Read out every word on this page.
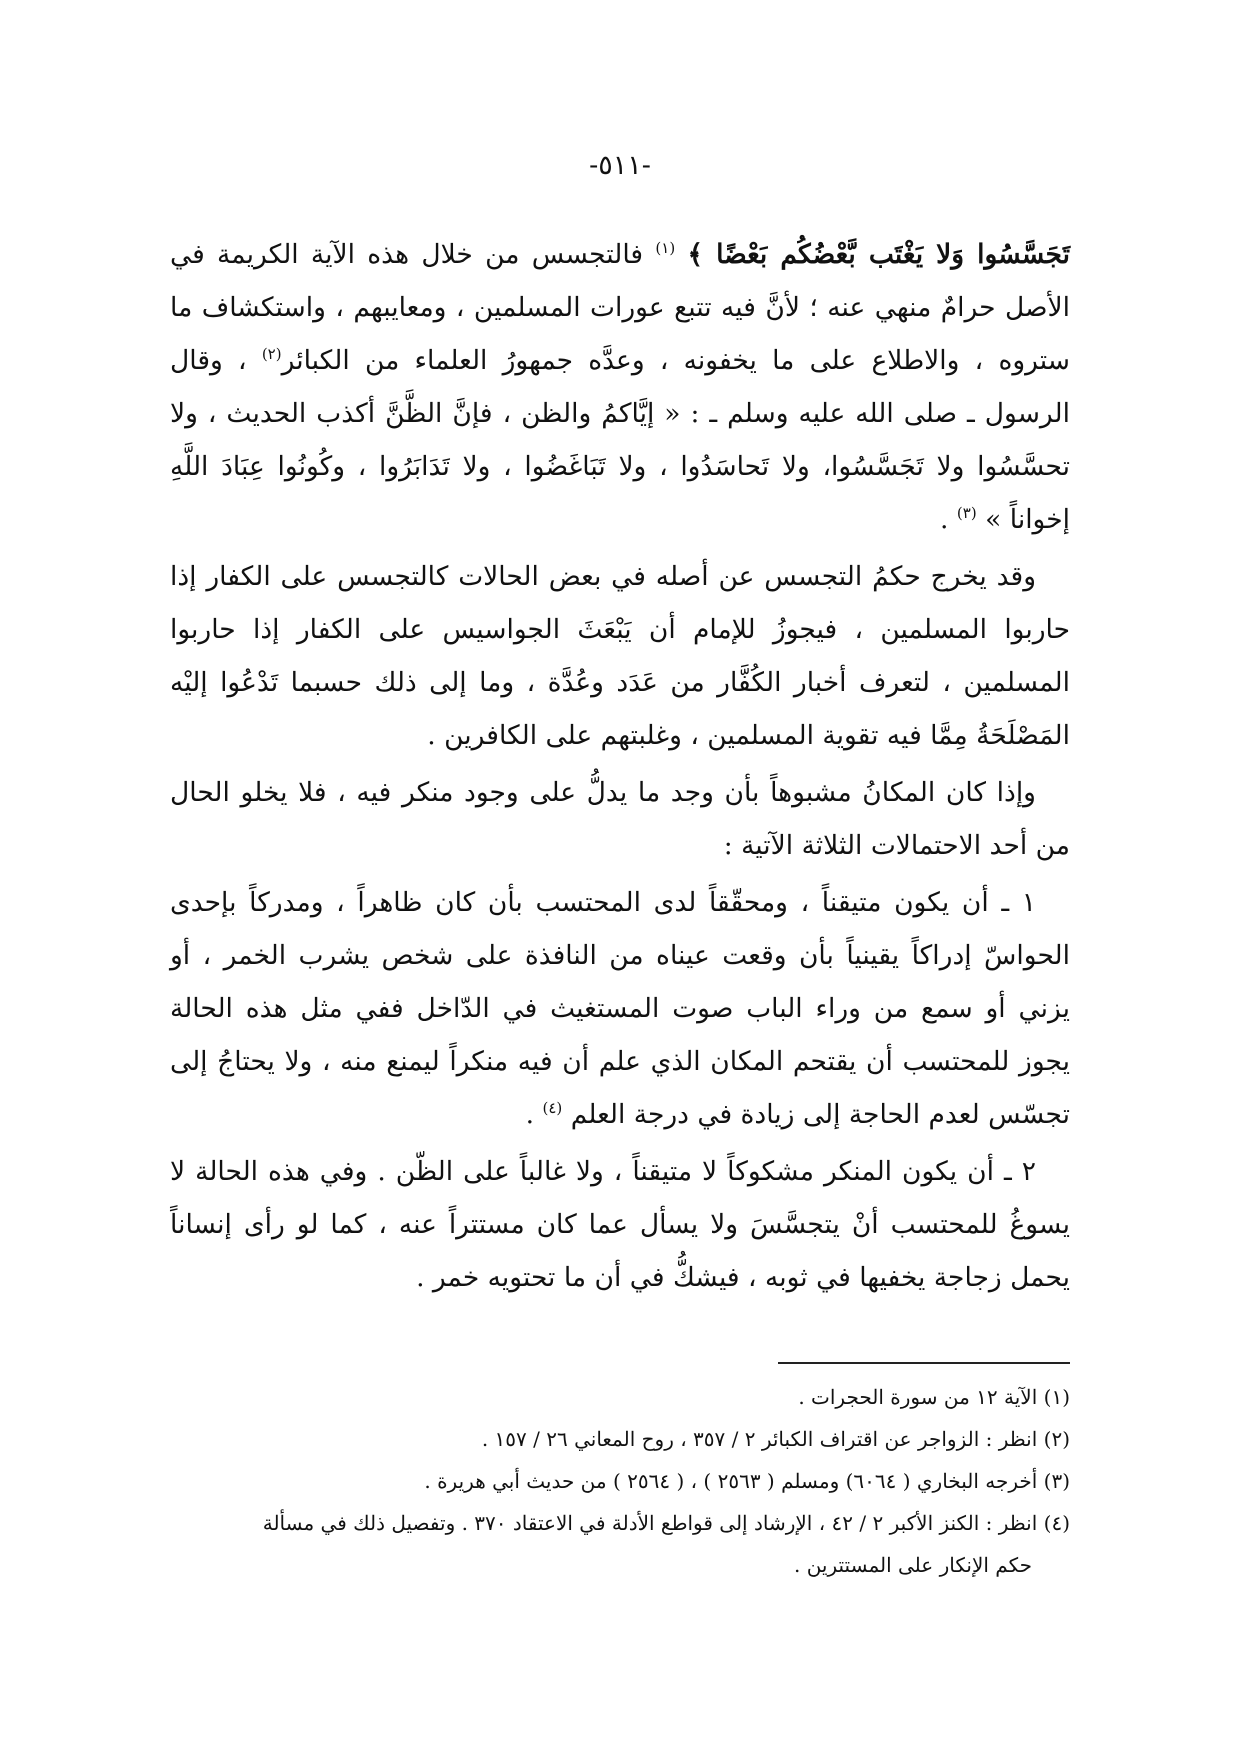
-٥١١-

تَجَسَّسُوا وَلا يَغْتَب بَّعْضُكُم بَعْضًا ﴾ $^{(١)}$ فالتجسس من خلال هذه الآية الكريمة في الأصل حرامٌ منهي عنه ؛ لأنَّ فيه تتبع عورات المسلمين ، ومعايبهم ، واستكشاف ما ستروه ، والاطلاع على ما يخفونه ، وعدَّه جمهورُ العلماء من الكبائر$^{(٢)}$ ، وقال الرسول ـ صلى الله عليه وسلم ـ : « إيَّاكمُ والظن ، فإنَّ الظَّنَّ أكذب الحديث ، ولا تحسَّسُوا ولا تَجَسَّسُوا، ولا تَحاسَدُوا ، ولا تَبَاغَضُوا ، ولا تَدَابَرُوا ، وكُونُوا عِبَادَ اللَّهِ إخواناً » $^{(٣)}$ .

وقد يخرج حكمُ التجسس عن أصله في بعض الحالات كالتجسس على الكفار إذا حاربوا المسلمين ، فيجوزُ للإمام أن يَبْعَثَ الجواسيس على الكفار إذا حاربوا المسلمين ، لتعرف أخبار الكُفَّار من عَدَد وعُدَّة ، وما إلى ذلك حسبما تَدْعُوا إليْه المَصْلَحَةُ مِمَّا فيه تقوية المسلمين ، وغلبتهم على الكافرين .

وإذا كان المكانُ مشبوهاً بأن وجد ما يدلُّ على وجود منكر فيه ، فلا يخلو الحال من أحد الاحتمالات الثلاثة الآتية :

١ ـ أن يكون متيقناً ، ومحقّقاً لدى المحتسب بأن كان ظاهراً ، ومدركاً بإحدى الحواسّ إدراكاً يقينياً بأن وقعت عيناه من النافذة على شخص يشرب الخمر ، أو يزني أو سمع من وراء الباب صوت المستغيث في الدّاخل ففي مثل هذه الحالة يجوز للمحتسب أن يقتحم المكان الذي علم أن فيه منكراً ليمنع منه ، ولا يحتاجُ إلى تجسّس لعدم الحاجة إلى زيادة في درجة العلم $^{(٤)}$ .

٢ ـ أن يكون المنكر مشكوكاً لا متيقناً ، ولا غالباً على الظّن . وفي هذه الحالة لا يسوغُ للمحتسب أنْ يتجسَّسَ ولا يسأل عما كان مستتراً عنه ، كما لو رأى إنساناً يحمل زجاجة يخفيها في ثوبه ، فيشكُّ في أن ما تحتويه خمر .

(١) الآية ١٢ من سورة الحجرات .

(٢) انظر : الزواجر عن اقتراف الكبائر ٢ / ٣٥٧ ، روح المعاني ٢٦ / ١٥٧ .

(٣) أخرجه البخاري ( ٦٠٦٤) ومسلم ( ٢٥٦٣ ) ، ( ٢٥٦٤ ) من حديث أبي هريرة .

(٤) انظر : الكنز الأكبر ٢ / ٤٢ ، الإرشاد إلى قواطع الأدلة في الاعتقاد ٣٧٠ . وتفصيل ذلك في مسألة

حكم الإنكار على المستترين .
